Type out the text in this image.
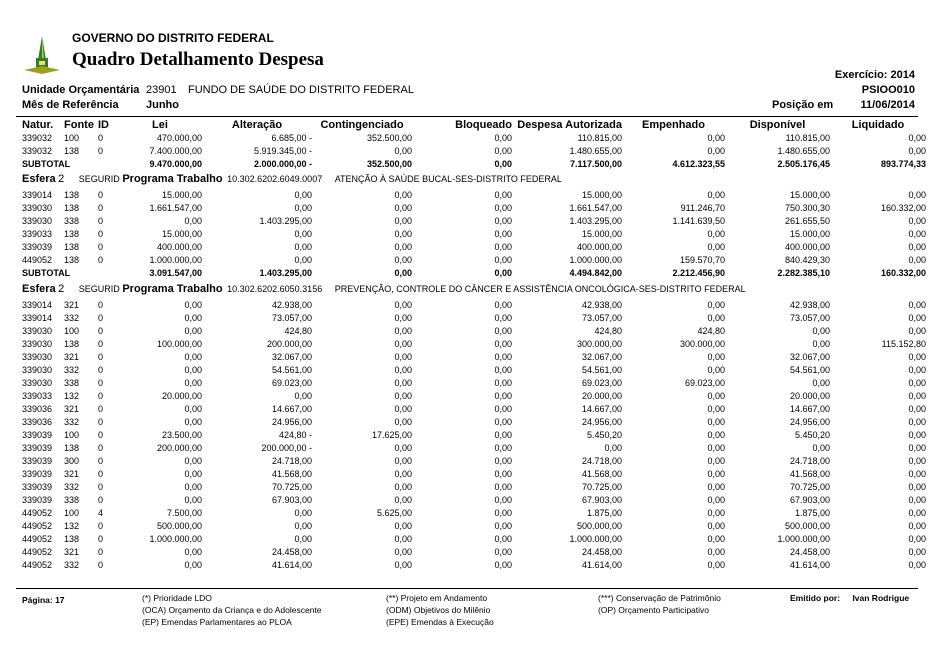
GOVERNO DO DISTRITO FEDERAL
Quadro Detalhamento Despesa
Unidade Orçamentária 23901 FUNDO DE SAÚDE DO DISTRITO FEDERAL
Mês de Referência Junho
Exercício: 2014
PSIOO010
Posição em 11/06/2014
Natur.	Fonte	ID	Lei	Alteração	Contingenciado	Bloqueado	Despesa Autorizada	Empenhado	Disponível	Liquidado
339032	100	0	470.000,00	6.685,00 -	352.500,00	0,00	110.815,00	0,00	110.815,00	0,00
339032	138	0	7.400.000,00	5.919.345,00 -	0,00	0,00	1.480.655,00	0,00	1.480.655,00	0,00
SUBTOTAL			9.470.000,00	2.000.000,00 -	352.500,00	0,00	7.117.500,00	4.612.323,55	2.505.176,45	893.774,33
Esfera 2 SEGURID Programa Trabalho 10.302.6202.6049.0007 ATENÇÃO À SAÚDE BUCAL-SES-DISTRITO FEDERAL
339014	138	0	15.000,00	0,00	0,00	0,00	15.000,00	0,00	15.000,00	0,00
339030	138	0	1.661.547,00	0,00	0,00	0,00	1.661.547,00	911.246,70	750.300,30	160.332,00
339030	338	0	0,00	1.403.295,00	0,00	0,00	1.403.295,00	1.141.639,50	261.655,50	0,00
339033	138	0	15.000,00	0,00	0,00	0,00	15.000,00	0,00	15.000,00	0,00
339039	138	0	400.000,00	0,00	0,00	0,00	400.000,00	0,00	400.000,00	0,00
449052	138	0	1.000.000,00	0,00	0,00	0,00	1.000.000,00	159.570,70	840.429,30	0,00
SUBTOTAL			3.091.547,00	1.403.295,00	0,00	0,00	4.494.842,00	2.212.456,90	2.282.385,10	160.332,00
Esfera 2 SEGURID Programa Trabalho 10.302.6202.6050.3156 PREVENÇÃO, CONTROLE DO CÂNCER E ASSISTÊNCIA ONCOLÓGICA-SES-DISTRITO FEDERAL
339014	321	0	0,00	42.938,00	0,00	0,00	42.938,00	0,00	42.938,00	0,00
339014	332	0	0,00	73.057,00	0,00	0,00	73.057,00	0,00	73.057,00	0,00
339030	100	0	0,00	424,80	0,00	0,00	424,80	424,80	0,00	0,00
339030	138	0	100.000,00	200.000,00	0,00	0,00	300.000,00	300.000,00	0,00	115.152,80
339030	321	0	0,00	32.067,00	0,00	0,00	32.067,00	0,00	32.067,00	0,00
339030	332	0	0,00	54.561,00	0,00	0,00	54.561,00	0,00	54.561,00	0,00
339030	338	0	0,00	69.023,00	0,00	0,00	69.023,00	69.023,00	0,00	0,00
339033	132	0	20.000,00	0,00	0,00	0,00	20.000,00	0,00	20.000,00	0,00
339036	321	0	0,00	14.667,00	0,00	0,00	14.667,00	0,00	14.667,00	0,00
339036	332	0	0,00	24.956,00	0,00	0,00	24.956,00	0,00	24.956,00	0,00
339039	100	0	23.500,00	424,80 -	17.625,00	0,00	5.450,20	0,00	5.450,20	0,00
339039	138	0	200.000,00	200.000,00 -	0,00	0,00	0,00	0,00	0,00	0,00
339039	300	0	0,00	24.718,00	0,00	0,00	24.718,00	0,00	24.718,00	0,00
339039	321	0	0,00	41.568,00	0,00	0,00	41.568,00	0,00	41.568,00	0,00
339039	332	0	0,00	70.725,00	0,00	0,00	70.725,00	0,00	70.725,00	0,00
339039	338	0	0,00	67.903,00	0,00	0,00	67.903,00	0,00	67.903,00	0,00
449052	100	4	7.500,00	0,00	5.625,00	0,00	1.875,00	0,00	1.875,00	0,00
449052	132	0	500.000,00	0,00	0,00	0,00	500.000,00	0,00	500.000,00	0,00
449052	138	0	1.000.000,00	0,00	0,00	0,00	1.000.000,00	0,00	1.000.000,00	0,00
449052	321	0	0,00	24.458,00	0,00	0,00	24.458,00	0,00	24.458,00	0,00
449052	332	0	0,00	41.614,00	0,00	0,00	41.614,00	0,00	41.614,00	0,00
Página: 17	(*) Prioridade LDO
(OCA) Orçamento da Criança e do Adolescente
(EP) Emendas Parlamentares ao PLOA
(**) Projeto em Andamento
(ODM) Objetivos do Milênio
(EPE) Emendas à Execução
(***) Conservação de Patrimônio
(OP) Orçamento Participativo
Emitido por: Ivan Rodrigue
